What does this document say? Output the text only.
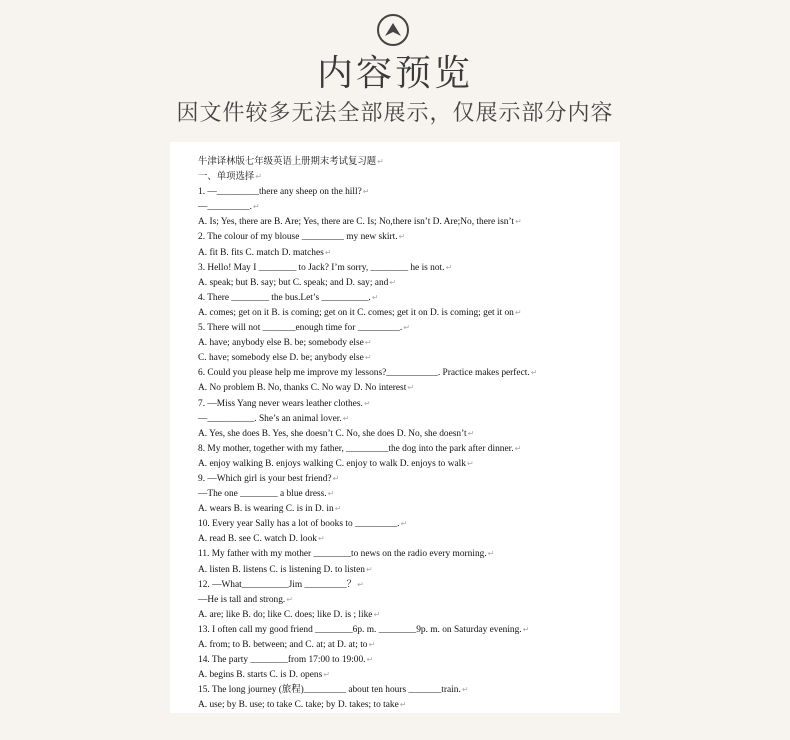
内容预览
因文件较多无法全部展示，仅展示部分内容
牛津译林版七年级英语上册期末考试复习题↵
一、单项选择↵
1. —_________there any sheep on the hill?↵
—_________.↵
A. Is; Yes, there are B. Are; Yes, there are C. Is; No,there isn’t D. Are;No, there isn’t↵
2. The colour of my blouse _________ my new skirt.↵
A. fit B. fits C. match D. matches↵
3. Hello! May I ________ to Jack? I’m sorry, ________ he is not.↵
A. speak; but B. say; but C. speak; and D. say; and↵
4. There ________ the bus.Let’s __________.↵
A. comes; get on it B. is coming; get on it C. comes; get it on D. is coming; get it on↵
5. There will not _______enough time for _________.↵
A. have; anybody else B. be; somebody else↵
C. have; somebody else D. be; anybody else↵
6. Could you please help me improve my lessons?___________. Practice makes perfect.↵
A. No problem B. No, thanks C. No way D. No interest↵
7. —Miss Yang never wears leather clothes.↵
—__________. She’s an animal lover.↵
A. Yes, she does B. Yes, she doesn’t C. No, she does D. No, she doesn’t↵
8. My mother, together with my father, _________the dog into the park after dinner.↵
A. enjoy walking B. enjoys walking C. enjoy to walk D. enjoys to walk↵
9. —Which girl is your best friend?↵
—The one ________ a blue dress.↵
A. wears B. is wearing C. is in D. in↵
10. Every year Sally has a lot of books to _________.↵
A. read B. see C. watch D. look↵
11. My father with my mother ________to news on the radio every morning.↵
A. listen B. listens C. is listening D. to listen↵
12. —What__________Jim _________？↵
—He is tall and strong.↵
A. are; like B. do; like C. does; like D. is ; like↵
13. I often call my good friend ________6p. m. ________9p. m. on Saturday evening.↵
A. from; to B. between; and C. at; at D. at; to↵
14. The party ________from 17:00 to 19:00.↵
A. begins B. starts C. is D. opens↵
15. The long journey (旅程)_________ about ten hours _______train.↵
A. use; by B. use; to take C. take; by D. takes; to take↵
